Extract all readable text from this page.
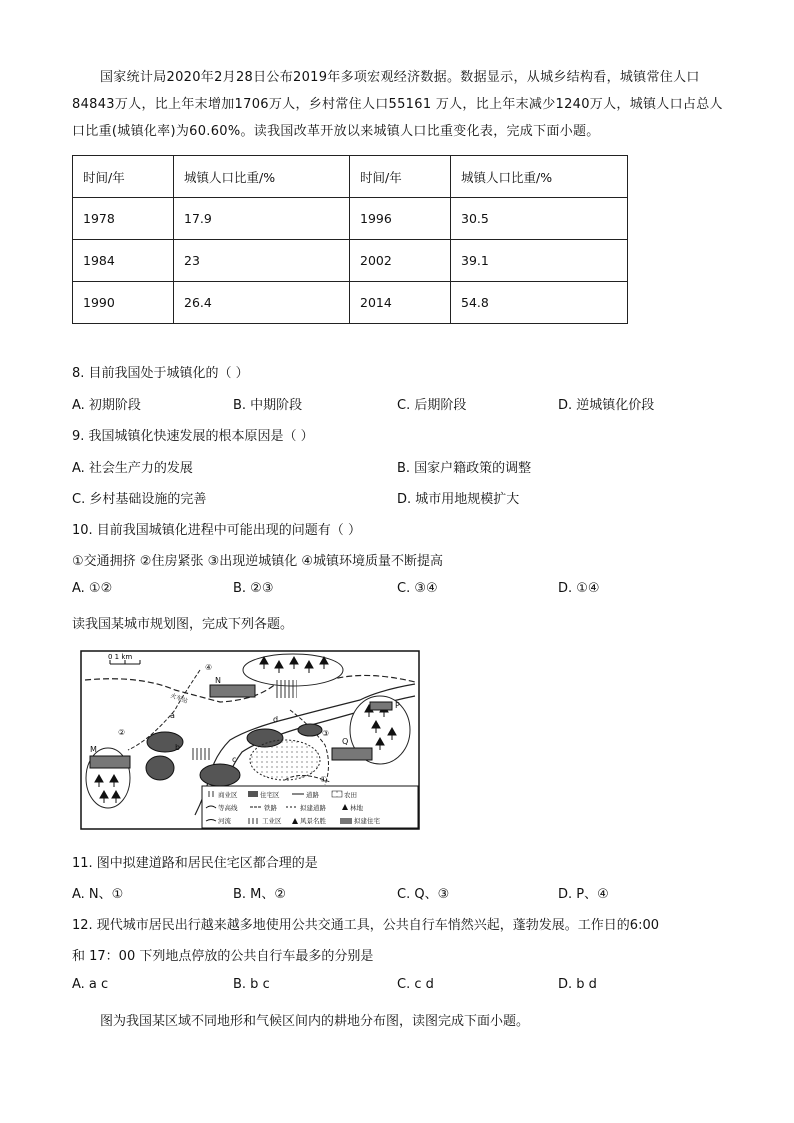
国家统计局2020年2月28日公布2019年多项宏观经济数据。数据显示，从城乡结构看，城镇常住人口84843万人，比上年末增加1706万人，乡村常住人口55161 万人，比上年末减少1240万人，城镇人口占总人口比重(城镇化率)为60.60%。读我国改革开放以来城镇人口比重变化表，完成下面小题。

时间/年	城镇人口比重/%	时间/年	城镇人口比重/%
1978	17.9	1996	30.5
1984	23	2002	39.1
1990	26.4	2014	54.8
8. 目前我国处于城镇化的（ ）
A. 初期阶段	B. 中期阶段	C. 后期阶段	D. 逆城镇化价段
9. 我国城镇化快速发展的根本原因是（ ）
A. 社会生产力的发展	B. 国家户籍政策的调整
C. 乡村基础设施的完善	D. 城市用地规模扩大
10. 目前我国城镇化进程中可能出现的问题有（ ）
①交通拥挤 ②住房紧张 ③出现逆城镇化 ④城镇环境质量不断提高
A. ①②	B. ②③	C. ③④	D. ①④
读我国某城市规划图，完成下列各题。
0 1 km
④
N
火车站
a
②
b
d
③
Q
P
M
c
①
商业区	住宅区	道路	农田
等高线	铁路	拟建道路	林地
河流	工业区	风景名胜	拟建住宅
11. 图中拟建道路和居民住宅区都合理的是
A. N、①	B. M、②	C. Q、③	D. P、④
12. 现代城市居民出行越来越多地使用公共交通工具，公共自行车悄然兴起，蓬勃发展。工作日的6:00
和 17：00 下列地点停放的公共自行车最多的分别是
A. a c	B. b c	C. c d	D. b d
图为我国某区域不同地形和气候区间内的耕地分布图，读图完成下面小题。
